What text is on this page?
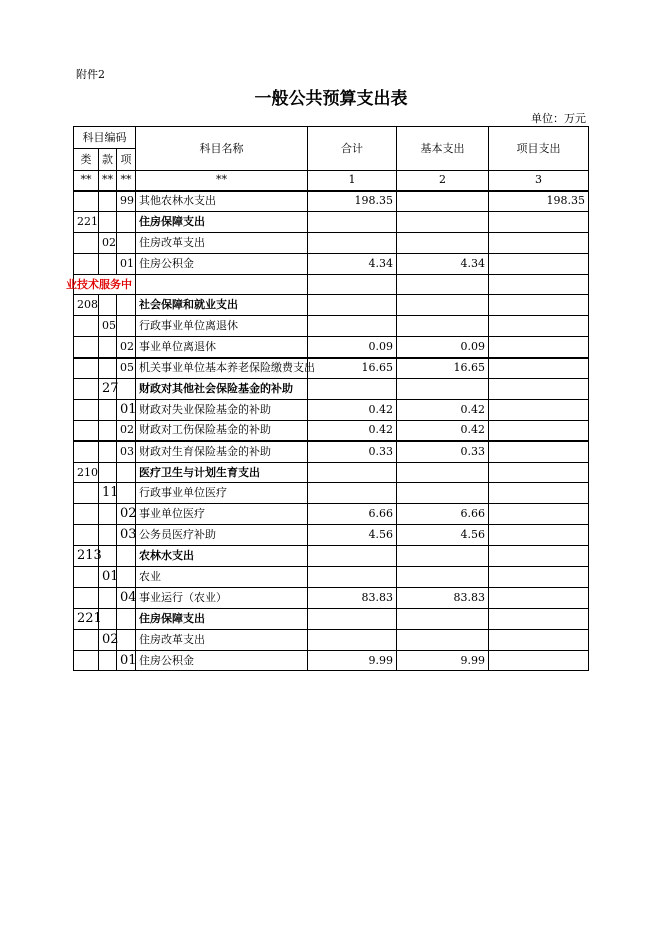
附件2
一般公共预算支出表
单位：万元
科目编码			科目名称	合计	基本支出	项目支出
类	款	项				
**	**	**	**	1	2	3
		99	其他农林水支出	198.35		198.35
221			住房保障支出			
	02		住房改革支出			
		01	住房公积金	4.34	4.34	
业技术服务中						
208			社会保障和就业支出			
	05		行政事业单位离退休			
		02	事业单位离退休	0.09	0.09	
		05	机关事业单位基本养老保险缴费支出	16.65	16.65	
	27		财政对其他社会保险基金的补助			
		01	财政对失业保险基金的补助	0.42	0.42	
		02	财政对工伤保险基金的补助	0.42	0.42	
		03	财政对生育保险基金的补助	0.33	0.33	
210			医疗卫生与计划生育支出			
	11		行政事业单位医疗			
		02	事业单位医疗	6.66	6.66	
		03	公务员医疗补助	4.56	4.56	
213			农林水支出			
	01		农业			
		04	事业运行（农业）	83.83	83.83	
221			住房保障支出			
	02		住房改革支出			
		01	住房公积金	9.99	9.99	
